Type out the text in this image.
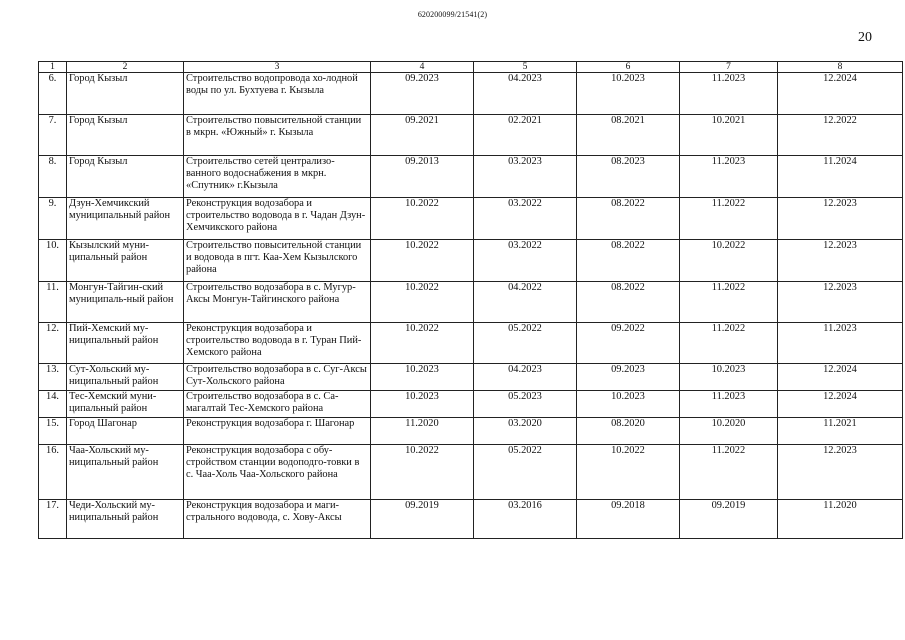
620200099/21541(2)
20
1	2	3	4	5	6	7	8
6.	Город Кызыл	Строительство водопровода хо-лодной воды по ул. Бухтуева г. Кызыла	09.2023	04.2023	10.2023	11.2023	12.2024
7.	Город Кызыл	Строительство повысительной станции в мкрн. «Южный» г. Кызыла	09.2021	02.2021	08.2021	10.2021	12.2022
8.	Город Кызыл	Строительство сетей централизо-ванного водоснабжения в мкрн. «Спутник» г.Кызыла	09.2013	03.2023	08.2023	11.2023	11.2024
9.	Дзун-Хемчикский муниципальный район	Реконструкция водозабора и строительство водовода в г. Чадан Дзун-Хемчикского района	10.2022	03.2022	08.2022	11.2022	12.2023
10.	Кызылский муни-ципальный район	Строительство повысительной станции и водовода в пгт. Каа-Хем Кызылского района	10.2022	03.2022	08.2022	10.2022	12.2023
11.	Монгун-Тайгин-ский муниципаль-ный район	Строительство водозабора в с. Мугур-Аксы Монгун-Тайгинского района	10.2022	04.2022	08.2022	11.2022	12.2023
12.	Пий-Хемский му-ниципальный район	Реконструкция водозабора и строительство водовода в г. Туран Пий-Хемского района	10.2022	05.2022	09.2022	11.2022	11.2023
13.	Сут-Хольский му-ниципальный район	Строительство водозабора в с. Суг-Аксы Сут-Хольского района	10.2023	04.2023	09.2023	10.2023	12.2024
14.	Тес-Хемский муни-ципальный район	Строительство водозабора в с. Са-магалтай Тес-Хемского района	10.2023	05.2023	10.2023	11.2023	12.2024
15.	Город Шагонар	Реконструкция водозабора г. Шагонар	11.2020	03.2020	08.2020	10.2020	11.2021
16.	Чаа-Хольский му-ниципальный район	Реконструкция водозабора с обу-стройством станции водоподго-товки в с. Чаа-Холь Чаа-Хольского района	10.2022	05.2022	10.2022	11.2022	12.2023
17.	Чеди-Хольский му-ниципальный район	Реконструкция водозабора и маги-стрального водовода, с. Хову-Аксы	09.2019	03.2016	09.2018	09.2019	11.2020
